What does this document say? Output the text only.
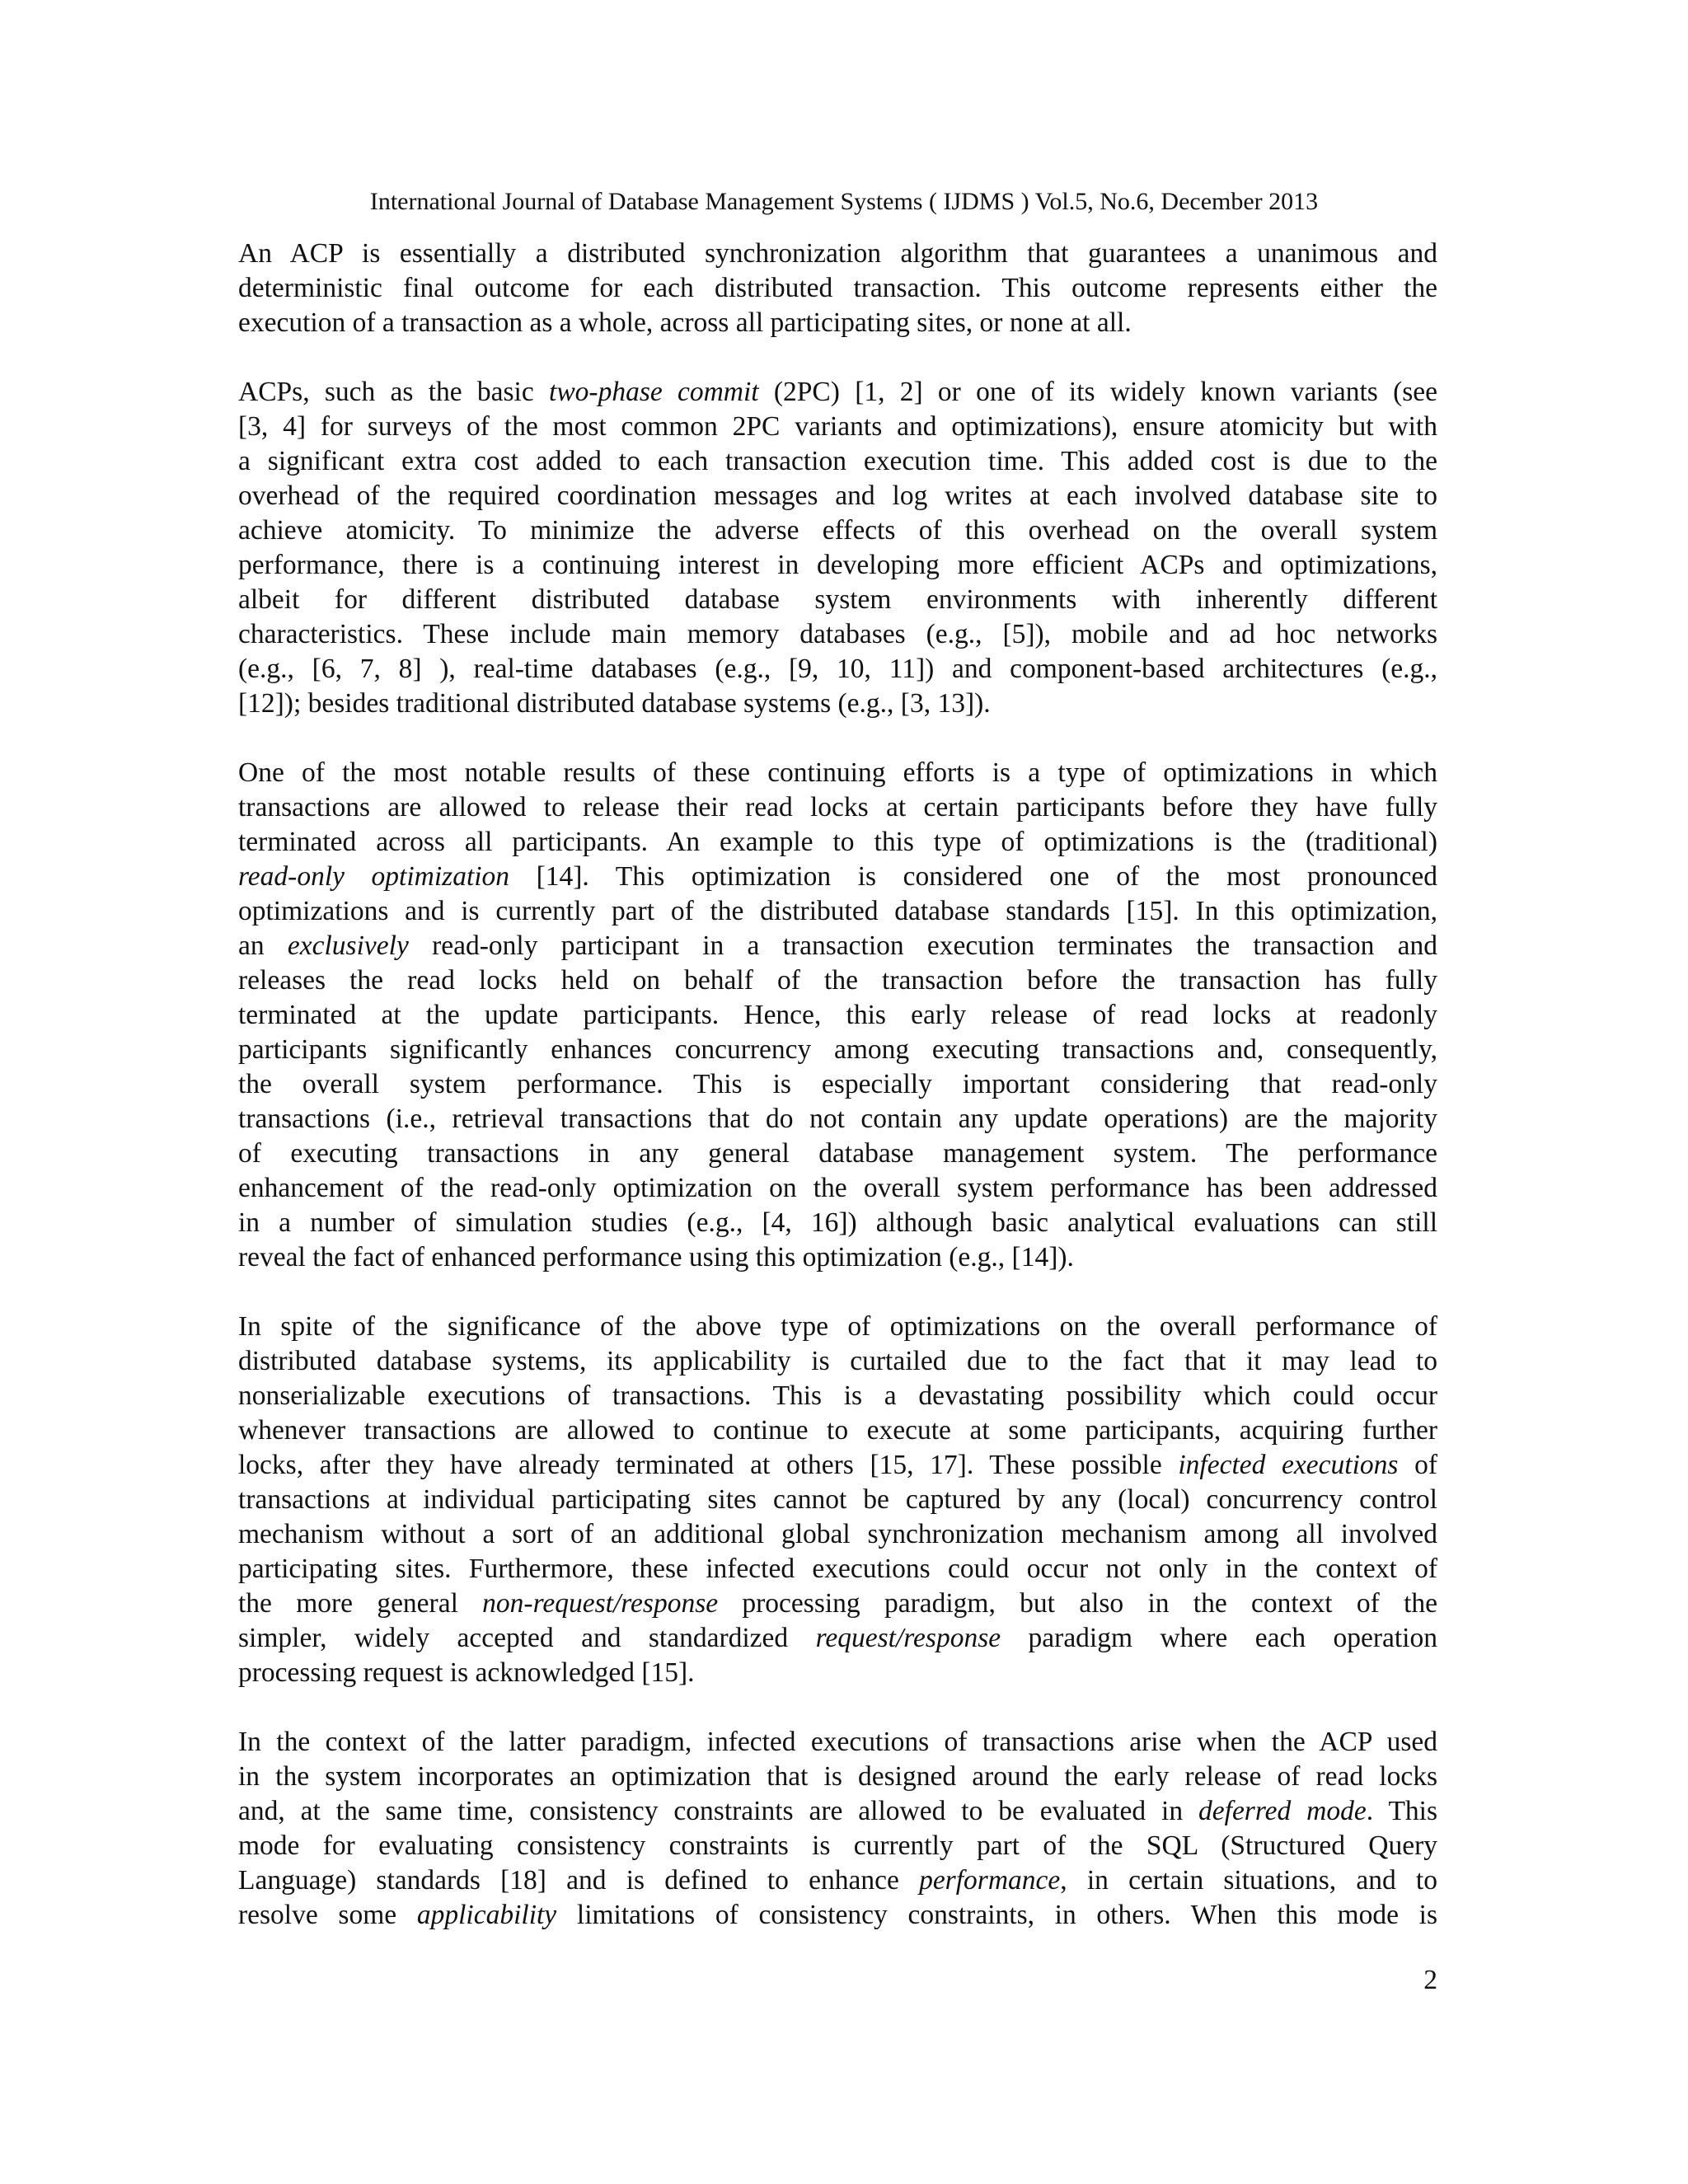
International Journal of Database Management Systems ( IJDMS ) Vol.5, No.6, December 2013
An ACP is essentially a distributed synchronization algorithm that guarantees a unanimous and
deterministic final outcome for each distributed transaction. This outcome represents either the
execution of a transaction as a whole, across all participating sites, or none at all.
ACPs, such as the basic two-phase commit (2PC) [1, 2] or one of its widely known variants (see
[3, 4] for surveys of the most common 2PC variants and optimizations), ensure atomicity but with
a significant extra cost added to each transaction execution time. This added cost is due to the
overhead of the required coordination messages and log writes at each involved database site to
achieve atomicity. To minimize the adverse effects of this overhead on the overall system
performance, there is a continuing interest in developing more efficient ACPs and optimizations,
albeit for different distributed database system environments with inherently different
characteristics. These include main memory databases (e.g., [5]), mobile and ad hoc networks
(e.g., [6, 7, 8] ), real-time databases (e.g., [9, 10, 11]) and component-based architectures (e.g.,
[12]); besides traditional distributed database systems (e.g., [3, 13]).
One of the most notable results of these continuing efforts is a type of optimizations in which
transactions are allowed to release their read locks at certain participants before they have fully
terminated across all participants. An example to this type of optimizations is the (traditional)
read-only optimization [14]. This optimization is considered one of the most pronounced
optimizations and is currently part of the distributed database standards [15]. In this optimization,
an exclusively read-only participant in a transaction execution terminates the transaction and
releases the read locks held on behalf of the transaction before the transaction has fully
terminated at the update participants. Hence, this early release of read locks at readonly
participants significantly enhances concurrency among executing transactions and, consequently,
the overall system performance. This is especially important considering that read-only
transactions (i.e., retrieval transactions that do not contain any update operations) are the majority
of executing transactions in any general database management system. The performance
enhancement of the read-only optimization on the overall system performance has been addressed
in a number of simulation studies (e.g., [4, 16]) although basic analytical evaluations can still
reveal the fact of enhanced performance using this optimization (e.g., [14]).
In spite of the significance of the above type of optimizations on the overall performance of
distributed database systems, its applicability is curtailed due to the fact that it may lead to
nonserializable executions of transactions. This is a devastating possibility which could occur
whenever transactions are allowed to continue to execute at some participants, acquiring further
locks, after they have already terminated at others [15, 17]. These possible infected executions of
transactions at individual participating sites cannot be captured by any (local) concurrency control
mechanism without a sort of an additional global synchronization mechanism among all involved
participating sites. Furthermore, these infected executions could occur not only in the context of
the more general non-request/response processing paradigm, but also in the context of the
simpler, widely accepted and standardized request/response paradigm where each operation
processing request is acknowledged [15].
In the context of the latter paradigm, infected executions of transactions arise when the ACP used
in the system incorporates an optimization that is designed around the early release of read locks
and, at the same time, consistency constraints are allowed to be evaluated in deferred mode. This
mode for evaluating consistency constraints is currently part of the SQL (Structured Query
Language) standards [18] and is defined to enhance performance, in certain situations, and to
resolve some applicability limitations of consistency constraints, in others. When this mode is
2
